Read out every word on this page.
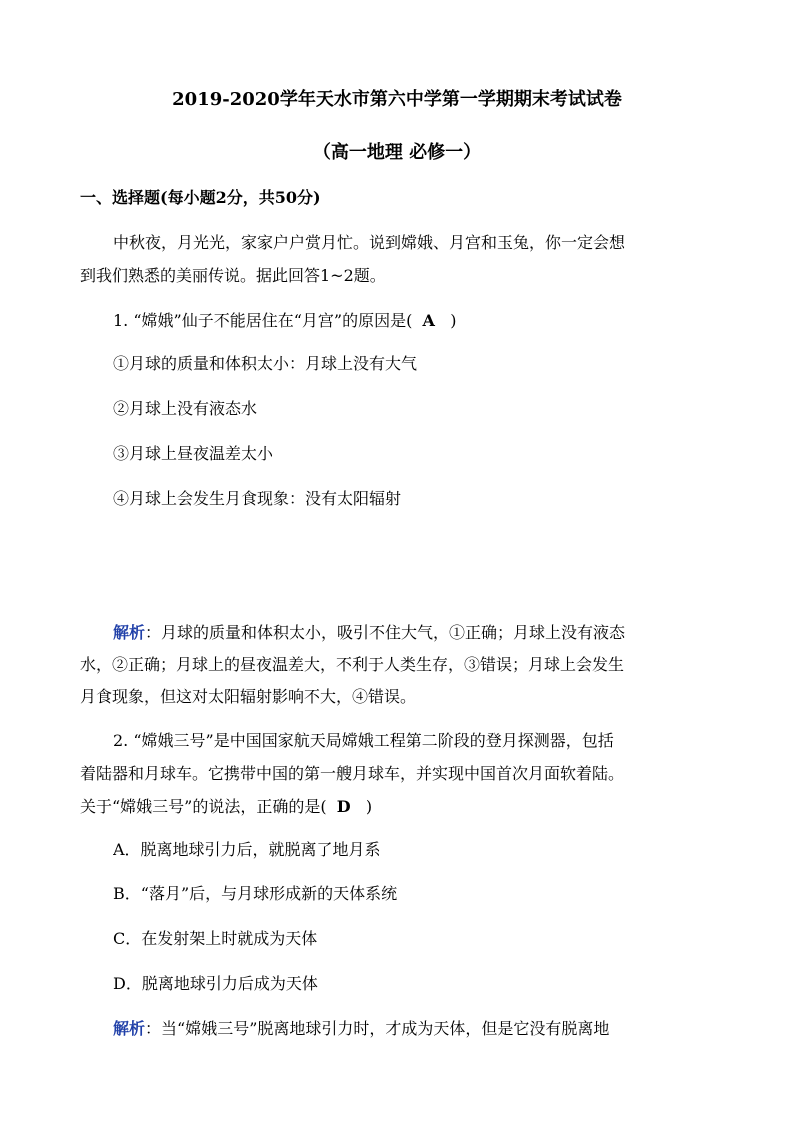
2019-2020学年天水市第六中学第一学期期末考试试卷
（高一地理 必修一）
一、选择题(每小题2分，共50分)
中秋夜，月光光，家家户户赏月忙。说到嫦娥、月宫和玉兔，你一定会想
到我们熟悉的美丽传说。据此回答1~2题。
1. “嫦娥”仙子不能居住在“月宫”的原因是( A )
①月球的质量和体积太小：月球上没有大气
②月球上没有液态水
③月球上昼夜温差太小
④月球上会发生月食现象：没有太阳辐射
解析：月球的质量和体积太小，吸引不住大气，①正确；月球上没有液态
水，②正确；月球上的昼夜温差大，不利于人类生存，③错误；月球上会发生
月食现象，但这对太阳辐射影响不大，④错误。
2. “嫦娥三号”是中国国家航天局嫦娥工程第二阶段的登月探测器，包括
着陆器和月球车。它携带中国的第一艘月球车，并实现中国首次月面软着陆。
关于“嫦娥三号”的说法，正确的是( D )
A．脱离地球引力后，就脱离了地月系
B．“落月”后，与月球形成新的天体系统
C．在发射架上时就成为天体
D．脱离地球引力后成为天体
解析：当“嫦娥三号”脱离地球引力时，才成为天体，但是它没有脱离地
